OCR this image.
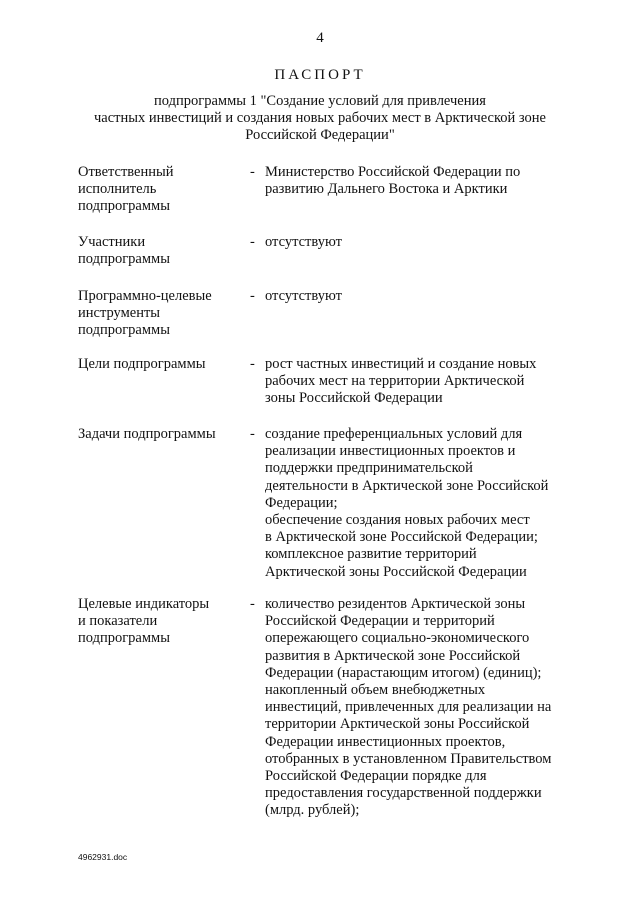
4
ПАСПОРТ
подпрограммы 1 "Создание условий для привлечения
частных инвестиций и создания новых рабочих мест в Арктической зоне
Российской Федерации"
Ответственный
исполнитель
подпрограммы
- Министерство Российской Федерации по
развитию Дальнего Востока и Арктики
Участники
подпрограммы
- отсутствуют
Программно-целевые
инструменты
подпрограммы
- отсутствуют
Цели подпрограммы	- рост частных инвестиций и создание новых
рабочих мест на территории Арктической
зоны Российской Федерации
Задачи подпрограммы	- создание преференциальных условий для
реализации инвестиционных проектов и
поддержки предпринимательской
деятельности в Арктической зоне Российской
Федерации;
обеспечение создания новых рабочих мест
в Арктической зоне Российской Федерации;
комплексное развитие территорий
Арктической зоны Российской Федерации
Целевые индикаторы
и показатели
подпрограммы
- количество резидентов Арктической зоны
Российской Федерации и территорий
опережающего социально-экономического
развития в Арктической зоне Российской
Федерации (нарастающим итогом) (единиц);
накопленный объем внебюджетных
инвестиций, привлеченных для реализации на
территории Арктической зоны Российской
Федерации инвестиционных проектов,
отобранных в установленном Правительством
Российской Федерации порядке для
предоставления государственной поддержки
(млрд. рублей);
4962931.doc
